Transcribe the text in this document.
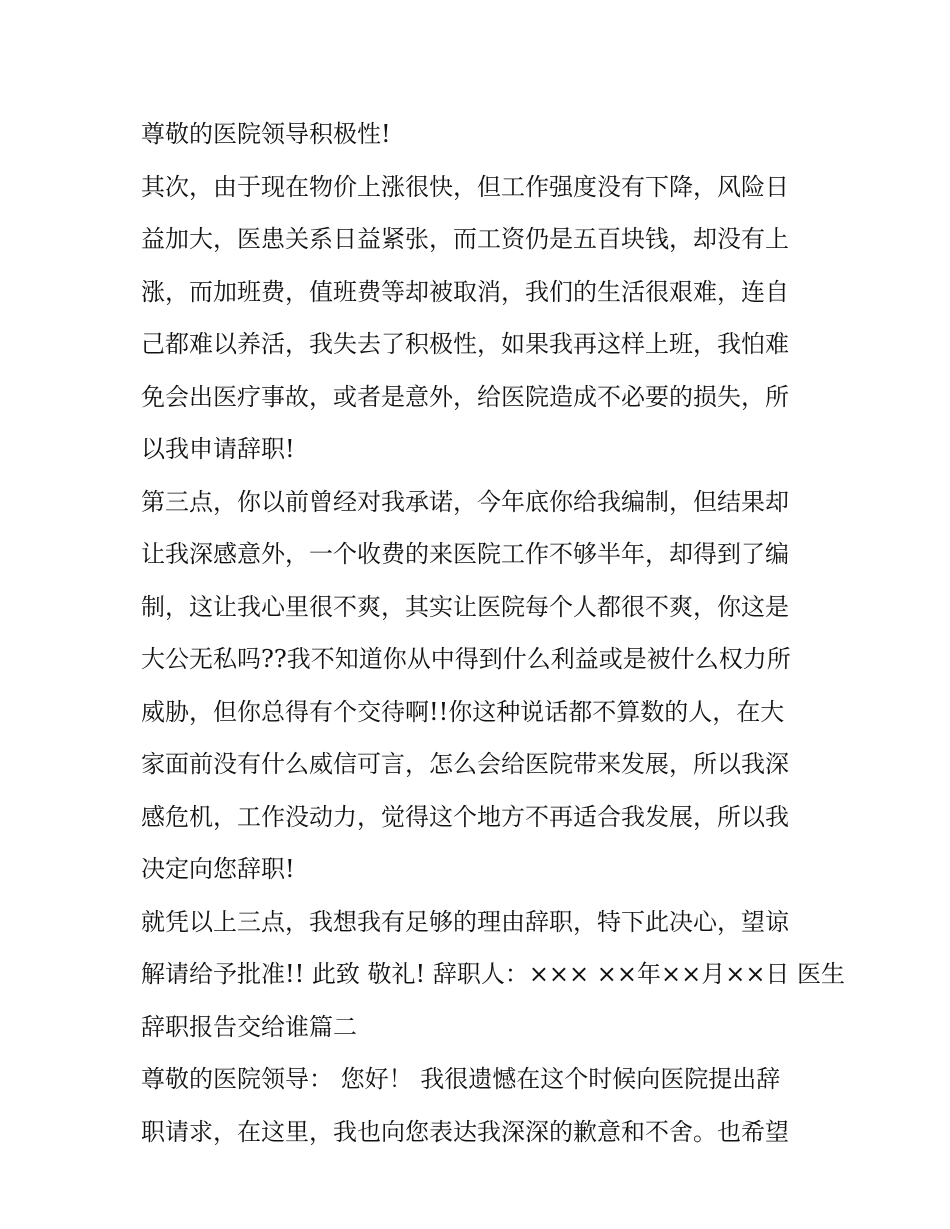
尊敬的医院领导积极性!
其次，由于现在物价上涨很快，但工作强度没有下降，风险日
益加大，医患关系日益紧张，而工资仍是五百块钱，却没有上
涨，而加班费，值班费等却被取消，我们的生活很艰难，连自
己都难以养活，我失去了积极性，如果我再这样上班，我怕难
免会出医疗事故，或者是意外，给医院造成不必要的损失，所
以我申请辞职!
第三点，你以前曾经对我承诺，今年底你给我编制，但结果却
让我深感意外，一个收费的来医院工作不够半年，却得到了编
制，这让我心里很不爽，其实让医院每个人都很不爽，你这是
大公无私吗??我不知道你从中得到什么利益或是被什么权力所
威胁，但你总得有个交待啊!!你这种说话都不算数的人，在大
家面前没有什么威信可言，怎么会给医院带来发展，所以我深
感危机，工作没动力，觉得这个地方不再适合我发展，所以我
决定向您辞职!
就凭以上三点，我想我有足够的理由辞职，特下此决心，望谅
解请给予批准!! 此致 敬礼! 辞职人：××× ××年××月××日 医生
辞职报告交给谁篇二
尊敬的医院领导： 您好！ 我很遗憾在这个时候向医院提出辞
职请求，在这里，我也向您表达我深深的歉意和不舍。也希望
